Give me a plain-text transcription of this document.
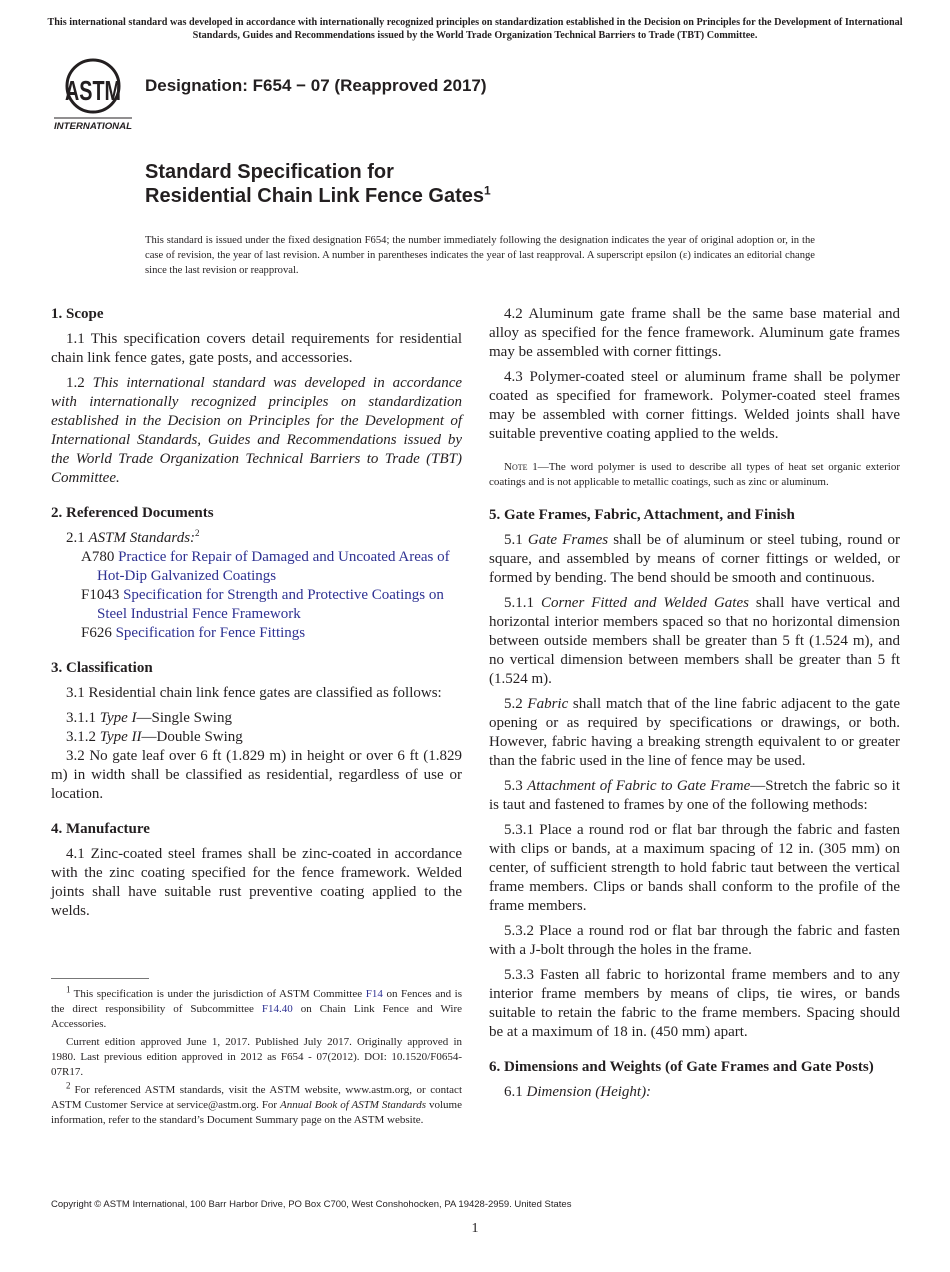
This international standard was developed in accordance with internationally recognized principles on standardization established in the Decision on Principles for the Development of International Standards, Guides and Recommendations issued by the World Trade Organization Technical Barriers to Trade (TBT) Committee.
ASTM
INTERNATIONAL
Designation: F654 − 07 (Reapproved 2017)
Standard Specification for
Residential Chain Link Fence Gates$^1$
This standard is issued under the fixed designation F654; the number immediately following the designation indicates the year of original adoption or, in the case of revision, the year of last revision. A number in parentheses indicates the year of last reapproval. A superscript epsilon (ε) indicates an editorial change since the last revision or reapproval.
1. Scope
1.1 This specification covers detail requirements for residential chain link fence gates, gate posts, and accessories.
1.2 This international standard was developed in accordance with internationally recognized principles on standardization established in the Decision on Principles for the Development of International Standards, Guides and Recommendations issued by the World Trade Organization Technical Barriers to Trade (TBT) Committee.
2. Referenced Documents
2.1 ASTM Standards:$^2$
A780 Practice for Repair of Damaged and Uncoated Areas of Hot-Dip Galvanized Coatings
F1043 Specification for Strength and Protective Coatings on Steel Industrial Fence Framework
F626 Specification for Fence Fittings
3. Classification
3.1 Residential chain link fence gates are classified as follows:
3.1.1 Type I—Single Swing
3.1.2 Type II—Double Swing
3.2 No gate leaf over 6 ft (1.829 m) in height or over 6 ft (1.829 m) in width shall be classified as residential, regardless of use or location.
4. Manufacture
4.1 Zinc-coated steel frames shall be zinc-coated in accordance with the zinc coating specified for the fence framework. Welded joints shall have suitable rust preventive coating applied to the welds.
4.2 Aluminum gate frame shall be the same base material and alloy as specified for the fence framework. Aluminum gate frames may be assembled with corner fittings.
4.3 Polymer-coated steel or aluminum frame shall be polymer coated as specified for framework. Polymer-coated steel frames may be assembled with corner fittings. Welded joints shall have suitable preventive coating applied to the welds.
Note 1—The word polymer is used to describe all types of heat set organic exterior coatings and is not applicable to metallic coatings, such as zinc or aluminum.
5. Gate Frames, Fabric, Attachment, and Finish
5.1 Gate Frames shall be of aluminum or steel tubing, round or square, and assembled by means of corner fittings or welded, or formed by bending. The bend should be smooth and continuous.
5.1.1 Corner Fitted and Welded Gates shall have vertical and horizontal interior members spaced so that no horizontal dimension between outside members shall be greater than 5 ft (1.524 m), and no vertical dimension between members shall be greater than 5 ft (1.524 m).
5.2 Fabric shall match that of the line fabric adjacent to the gate opening or as required by specifications or drawings, or both. However, fabric having a breaking strength equivalent to or greater than the fabric used in the line of fence may be used.
5.3 Attachment of Fabric to Gate Frame—Stretch the fabric so it is taut and fastened to frames by one of the following methods:
5.3.1 Place a round rod or flat bar through the fabric and fasten with clips or bands, at a maximum spacing of 12 in. (305 mm) on center, of sufficient strength to hold fabric taut between the vertical frame members. Clips or bands shall conform to the profile of the frame members.
5.3.2 Place a round rod or flat bar through the fabric and fasten with a J-bolt through the holes in the frame.
5.3.3 Fasten all fabric to horizontal frame members and to any interior frame members by means of clips, tie wires, or bands suitable to retain the fabric to the frame members. Spacing should be at a maximum of 18 in. (450 mm) apart.
6. Dimensions and Weights (of Gate Frames and Gate Posts)
6.1 Dimension (Height):
$^1$ This specification is under the jurisdiction of ASTM Committee F14 on Fences and is the direct responsibility of Subcommittee F14.40 on Chain Link Fence and Wire Accessories.
Current edition approved June 1, 2017. Published July 2017. Originally approved in 1980. Last previous edition approved in 2012 as F654 - 07(2012). DOI: 10.1520/F0654-07R17.
$^2$ For referenced ASTM standards, visit the ASTM website, www.astm.org, or contact ASTM Customer Service at service@astm.org. For Annual Book of ASTM Standards volume information, refer to the standard’s Document Summary page on the ASTM website.
Copyright © ASTM International, 100 Barr Harbor Drive, PO Box C700, West Conshohocken, PA 19428-2959. United States
1
